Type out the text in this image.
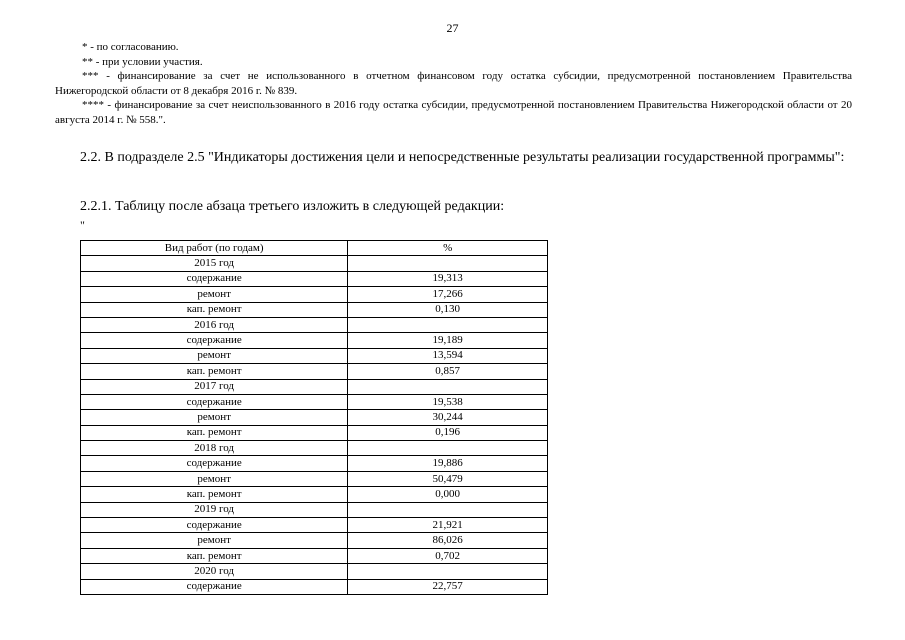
27

* - по согласованию.

** - при условии участия.

*** - финансирование за счет не использованного в отчетном финансовом году остатка субсидии, предусмотренной постановлением Правительства Нижегородской области от 8 декабря 2016 г. № 839.

**** - финансирование за счет неиспользованного в 2016 году остатка субсидии, предусмотренной постановлением Правительства Нижегородской области от 20 августа 2014 г. № 558.".

2.2. В подразделе 2.5 "Индикаторы достижения цели и непосредственные результаты реализации государственной программы":

2.2.1. Таблицу после абзаца третьего изложить в следующей редакции:

"
Вид работ (по годам)	%
2015 год	
содержание	19,313
ремонт	17,266
кап. ремонт	0,130
2016 год	
содержание	19,189
ремонт	13,594
кап. ремонт	0,857
2017 год	
содержание	19,538
ремонт	30,244
кап. ремонт	0,196
2018 год	
содержание	19,886
ремонт	50,479
кап. ремонт	0,000
2019 год	
содержание	21,921
ремонт	86,026
кап. ремонт	0,702
2020 год	
содержание	22,757
